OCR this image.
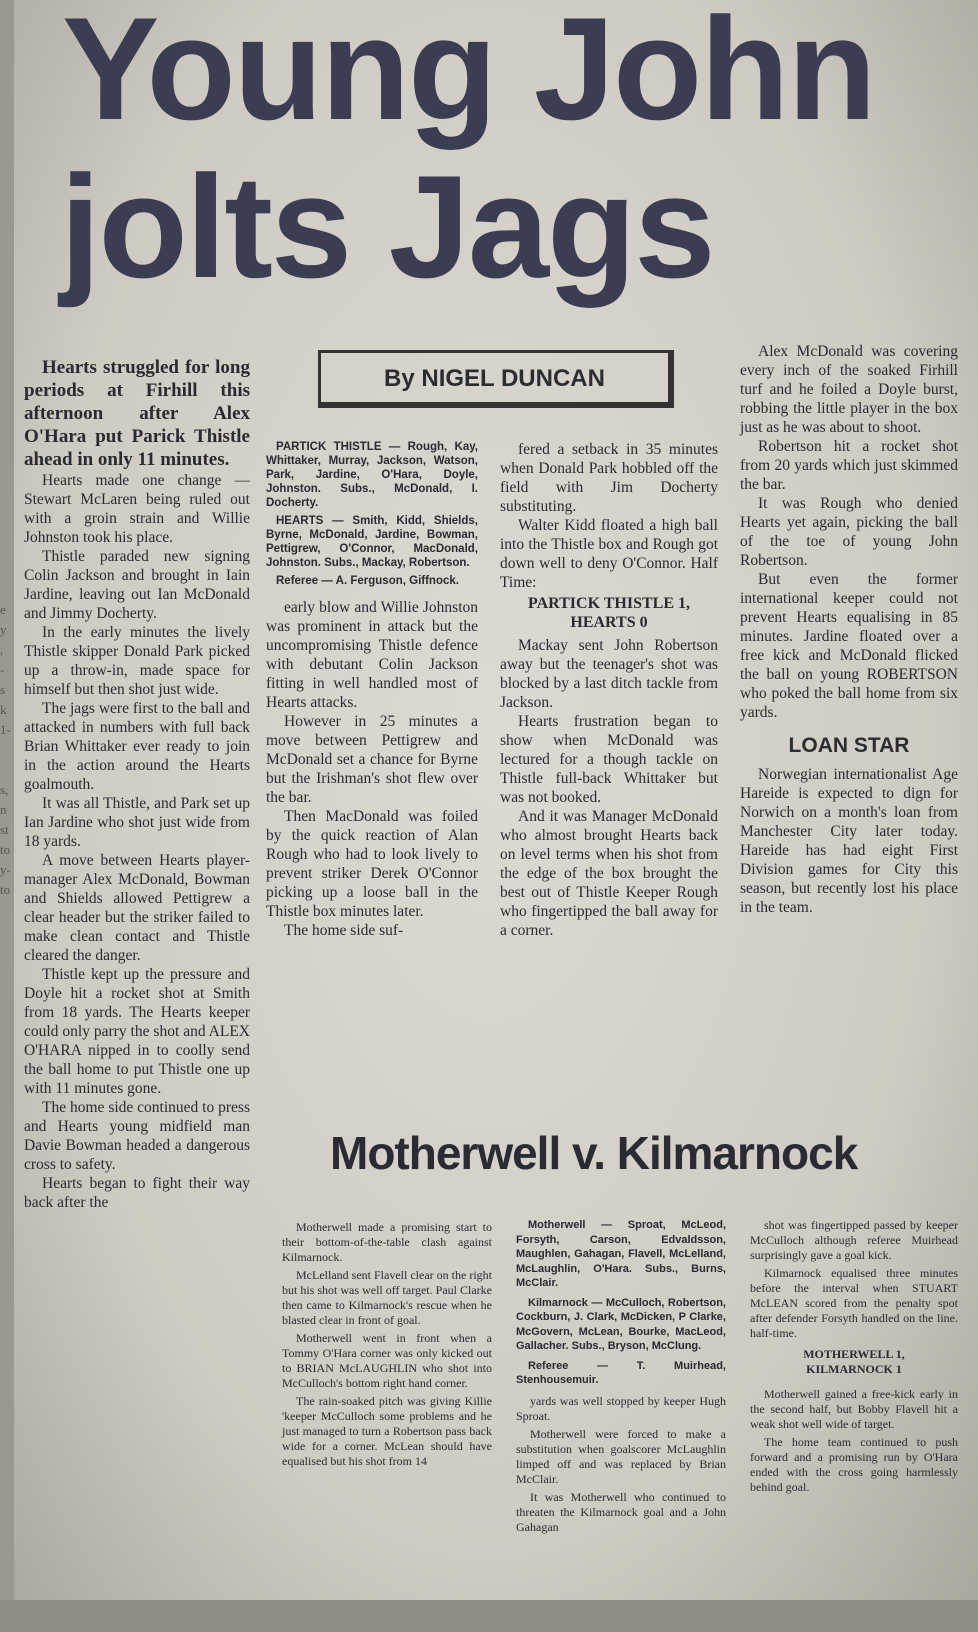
e
y
,
-
s
k
1-

s,
n
st
to
y-
to
Young John
jolts Jags
By NIGEL DUNCAN

Hearts struggled for long periods at Firhill this afternoon after Alex O'Hara put Parick Thistle ahead in only 11 minutes.

Hearts made one change — Stewart McLaren being ruled out with a groin strain and Willie Johnston took his place.

Thistle paraded new signing Colin Jackson and brought in Iain Jardine, leaving out Ian McDonald and Jimmy Docherty.

In the early minutes the lively Thistle skipper Donald Park picked up a throw-in, made space for himself but then shot just wide.

The jags were first to the ball and attacked in numbers with full back Brian Whittaker ever ready to join in the action around the Hearts goalmouth.

It was all Thistle, and Park set up Ian Jardine who shot just wide from 18 yards.

A move between Hearts player-manager Alex McDonald, Bowman and Shields allowed Pettigrew a clear header but the striker failed to make clean contact and Thistle cleared the danger.

Thistle kept up the pressure and Doyle hit a rocket shot at Smith from 18 yards. The Hearts keeper could only parry the shot and ALEX O'HARA nipped in to coolly send the ball home to put Thistle one up with 11 minutes gone.

The home side continued to press and Hearts young midfield man Davie Bowman headed a dangerous cross to safety.

Hearts began to fight their way back after the

PARTICK THISTLE — Rough, Kay, Whittaker, Murray, Jackson, Watson, Park, Jardine, O'Hara, Doyle, Johnston. Subs., McDonald, I. Docherty.

HEARTS — Smith, Kidd, Shields, Byrne, McDonald, Jardine, Bowman, Pettigrew, O'Connor, MacDonald, Johnston. Subs., Mackay, Robertson.

Referee — A. Ferguson, Giffnock.

early blow and Willie Johnston was prominent in attack but the uncompromising Thistle defence with debutant Colin Jackson fitting in well handled most of Hearts attacks.

However in 25 minutes a move between Pettigrew and McDonald set a chance for Byrne but the Irishman's shot flew over the bar.

Then MacDonald was foiled by the quick reaction of Alan Rough who had to look lively to prevent striker Derek O'Connor picking up a loose ball in the Thistle box minutes later.

The home side suf-

fered a setback in 35 minutes when Donald Park hobbled off the field with Jim Docherty substituting.

Walter Kidd floated a high ball into the Thistle box and Rough got down well to deny O'Connor. Half Time:

PARTICK THISTLE 1,
HEARTS 0

Mackay sent John Robertson away but the teenager's shot was blocked by a last ditch tackle from Jackson.

Hearts frustration began to show when McDonald was lectured for a though tackle on Thistle full-back Whittaker but was not booked.

And it was Manager McDonald who almost brought Hearts back on level terms when his shot from the edge of the box brought the best out of Thistle Keeper Rough who fingertipped the ball away for a corner.

Alex McDonald was covering every inch of the soaked Firhill turf and he foiled a Doyle burst, robbing the little player in the box just as he was about to shoot.

Robertson hit a rocket shot from 20 yards which just skimmed the bar.

It was Rough who denied Hearts yet again, picking the ball of the toe of young John Robertson.

But even the former international keeper could not prevent Hearts equalising in 85 minutes. Jardine floated over a free kick and McDonald flicked the ball on young ROBERTSON who poked the ball home from six yards.

LOAN STAR

Norwegian internationalist Age Hareide is expected to dign for Norwich on a month's loan from Manchester City later today. Hareide has had eight First Division games for City this season, but recently lost his place in the team.

Motherwell v. Kilmarnock

Motherwell made a promising start to their bottom-of-the-table clash against Kilmarnock.

McLelland sent Flavell clear on the right but his shot was well off target. Paul Clarke then came to Kilmarnock's rescue when he blasted clear in front of goal.

Motherwell went in front when a Tommy O'Hara corner was only kicked out to BRIAN McLAUGHLIN who shot into McCulloch's bottom right hand corner.

The rain-soaked pitch was giving Killie 'keeper McCulloch some problems and he just managed to turn a Robertson pass back wide for a corner. McLean should have equalised but his shot from 14

Motherwell — Sproat, McLeod, Forsyth, Carson, Edvaldsson, Maughlen, Gahagan, Flavell, McLelland, McLaughlin, O'Hara. Subs., Burns, McClair.

Kilmarnock — McCulloch, Robertson, Cockburn, J. Clark, McDicken, P Clarke, McGovern, McLean, Bourke, MacLeod, Gallacher. Subs., Bryson, McClung.

Referee — T. Muirhead, Stenhousemuir.

yards was well stopped by keeper Hugh Sproat.

Motherwell were forced to make a substitution when goalscorer McLaughlin limped off and was replaced by Brian McClair.

It was Motherwell who continued to threaten the Kilmarnock goal and a John Gahagan

shot was fingertipped passed by keeper McCulloch although referee Muirhead surprisingly gave a goal kick.

Kilmarnock equalised three minutes before the interval when STUART McLEAN scored from the penalty spot after defender Forsyth handled on the line. half-time.

MOTHERWELL 1,
KILMARNOCK 1

Motherwell gained a free-kick early in the second half, but Bobby Flavell hit a weak shot well wide of target.

The home team continued to push forward and a promising run by O'Hara ended with the cross going harmlessly behind goal.
